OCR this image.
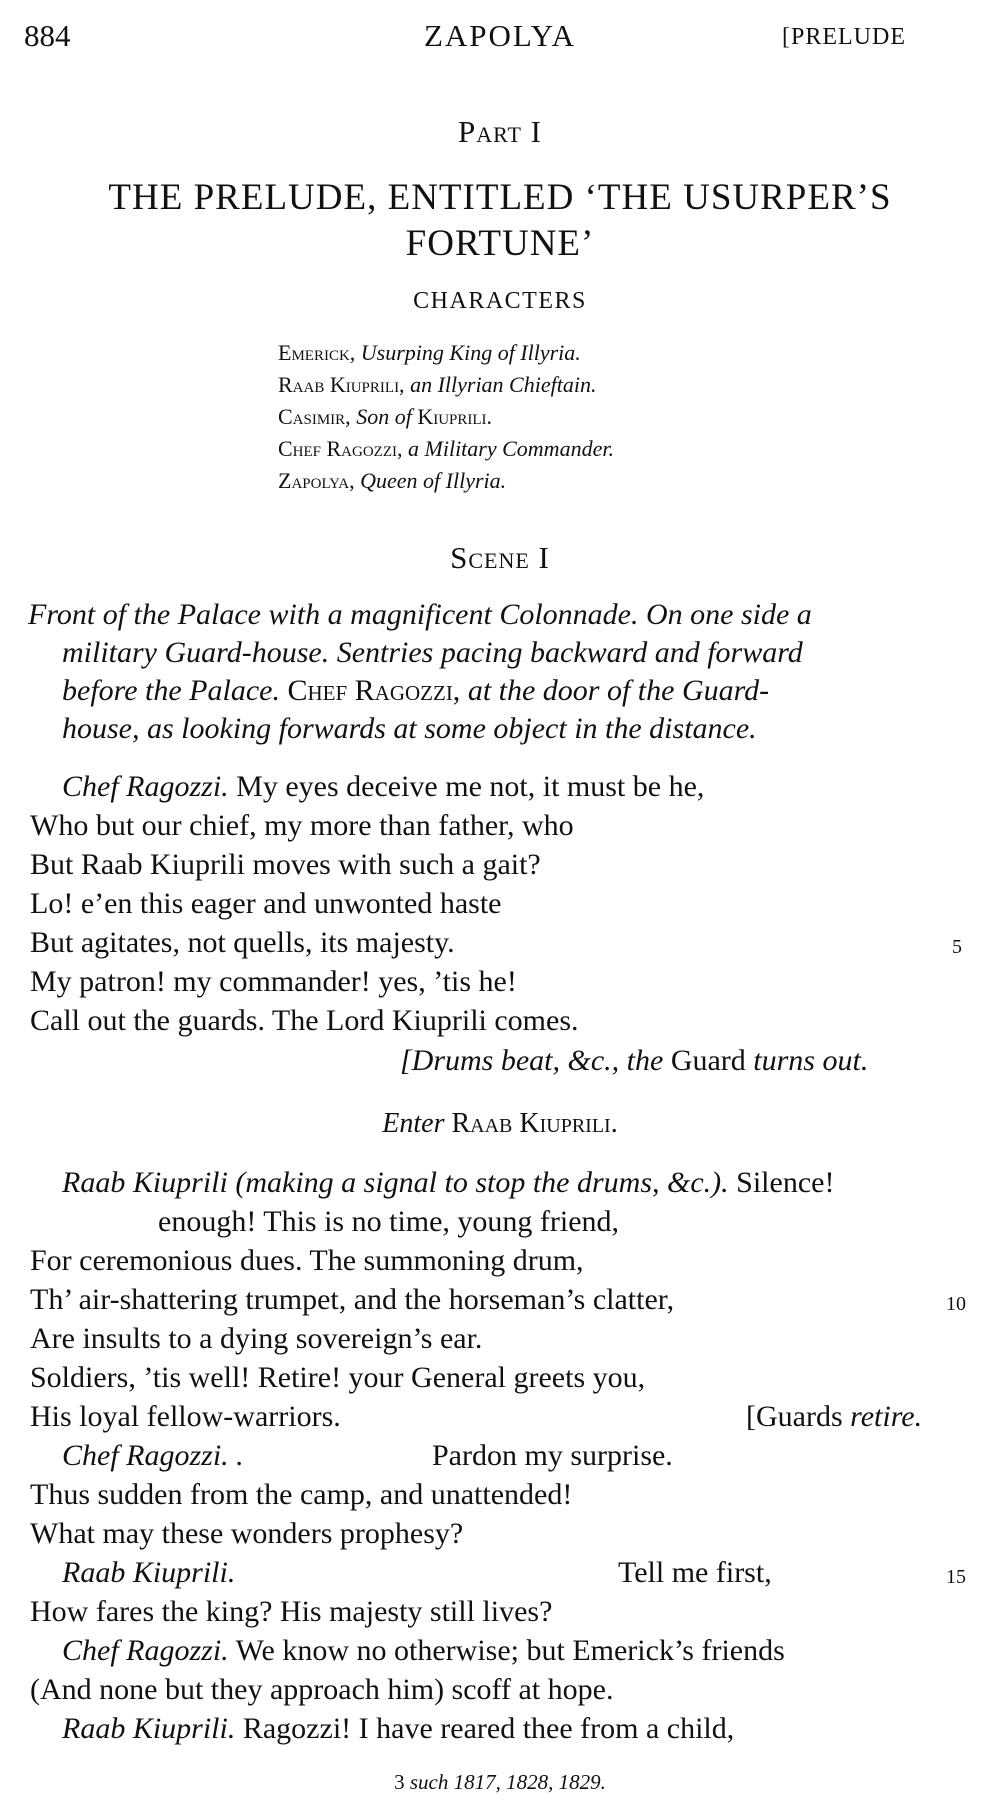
884	ZAPOLYA	[PRELUDE
Part I
THE PRELUDE, ENTITLED ‘THE USURPER’S
FORTUNE’
CHARACTERS
Emerick, Usurping King of Illyria.
Raab Kiuprili, an Illyrian Chieftain.
Casimir, Son of Kiuprili.
Chef Ragozzi, a Military Commander.
Zapolya, Queen of Illyria.
Scene I
Front of the Palace with a magnificent Colonnade. On one side a
military Guard-house. Sentries pacing backward and forward
before the Palace. Chef Ragozzi, at the door of the Guard-
house, as looking forwards at some object in the distance.
Chef Ragozzi. My eyes deceive me not, it must be he,
Who but our chief, my more than father, who
But Raab Kiuprili moves with such a gait?
Lo! e’en this eager and unwonted haste
But agitates, not quells, its majesty.	5
My patron! my commander! yes, ’tis he!
Call out the guards. The Lord Kiuprili comes.
[Drums beat, &c., the Guard turns out.
Enter Raab Kiuprili.
Raab Kiuprili (making a signal to stop the drums, &c.). Silence!
enough! This is no time, young friend,
For ceremonious dues. The summoning drum,
Th’ air-shattering trumpet, and the horseman’s clatter,	10
Are insults to a dying sovereign’s ear.
Soldiers, ’tis well! Retire! your General greets you,
His loyal fellow-warriors.	[Guards retire.
Chef Ragozzi. .	Pardon my surprise.
Thus sudden from the camp, and unattended!
What may these wonders prophesy?
Raab Kiuprili.	Tell me first,	15
How fares the king? His majesty still lives?
Chef Ragozzi. We know no otherwise; but Emerick’s friends
(And none but they approach him) scoff at hope.
Raab Kiuprili. Ragozzi! I have reared thee from a child,
3 such 1817, 1828, 1829.
